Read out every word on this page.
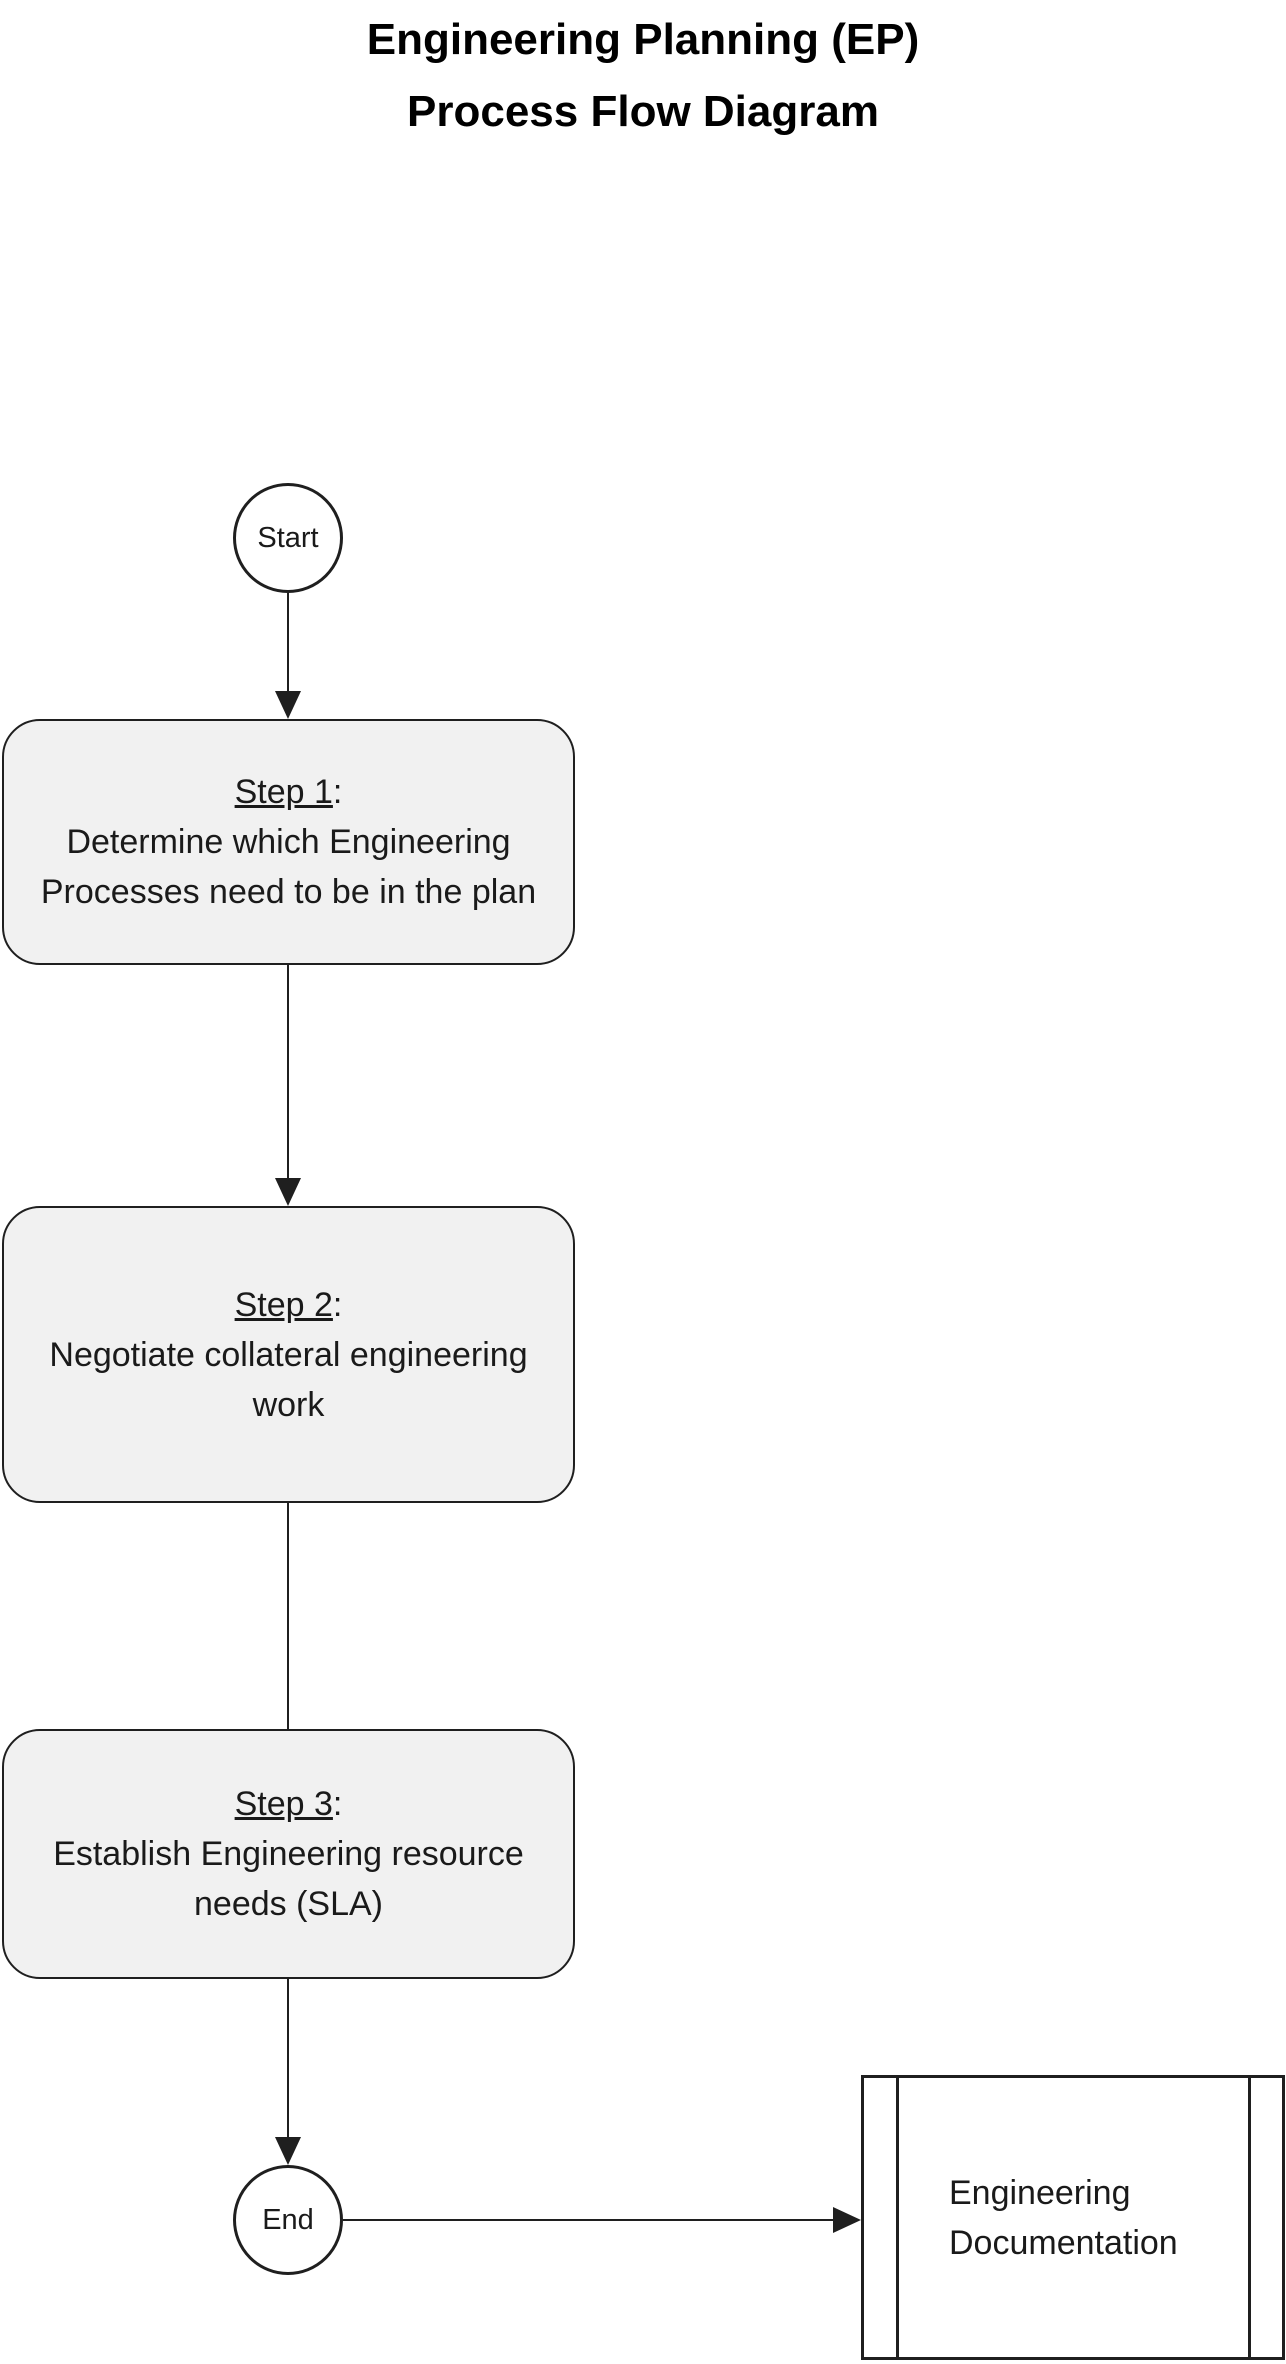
Engineering Planning (EP)
Process Flow Diagram
Start
Step 1:
Determine which Engineering
Processes need to be in the plan
Step 2:
Negotiate collateral engineering
work
Step 3:
Establish Engineering resource
needs (SLA)
End
Engineering
Documentation
